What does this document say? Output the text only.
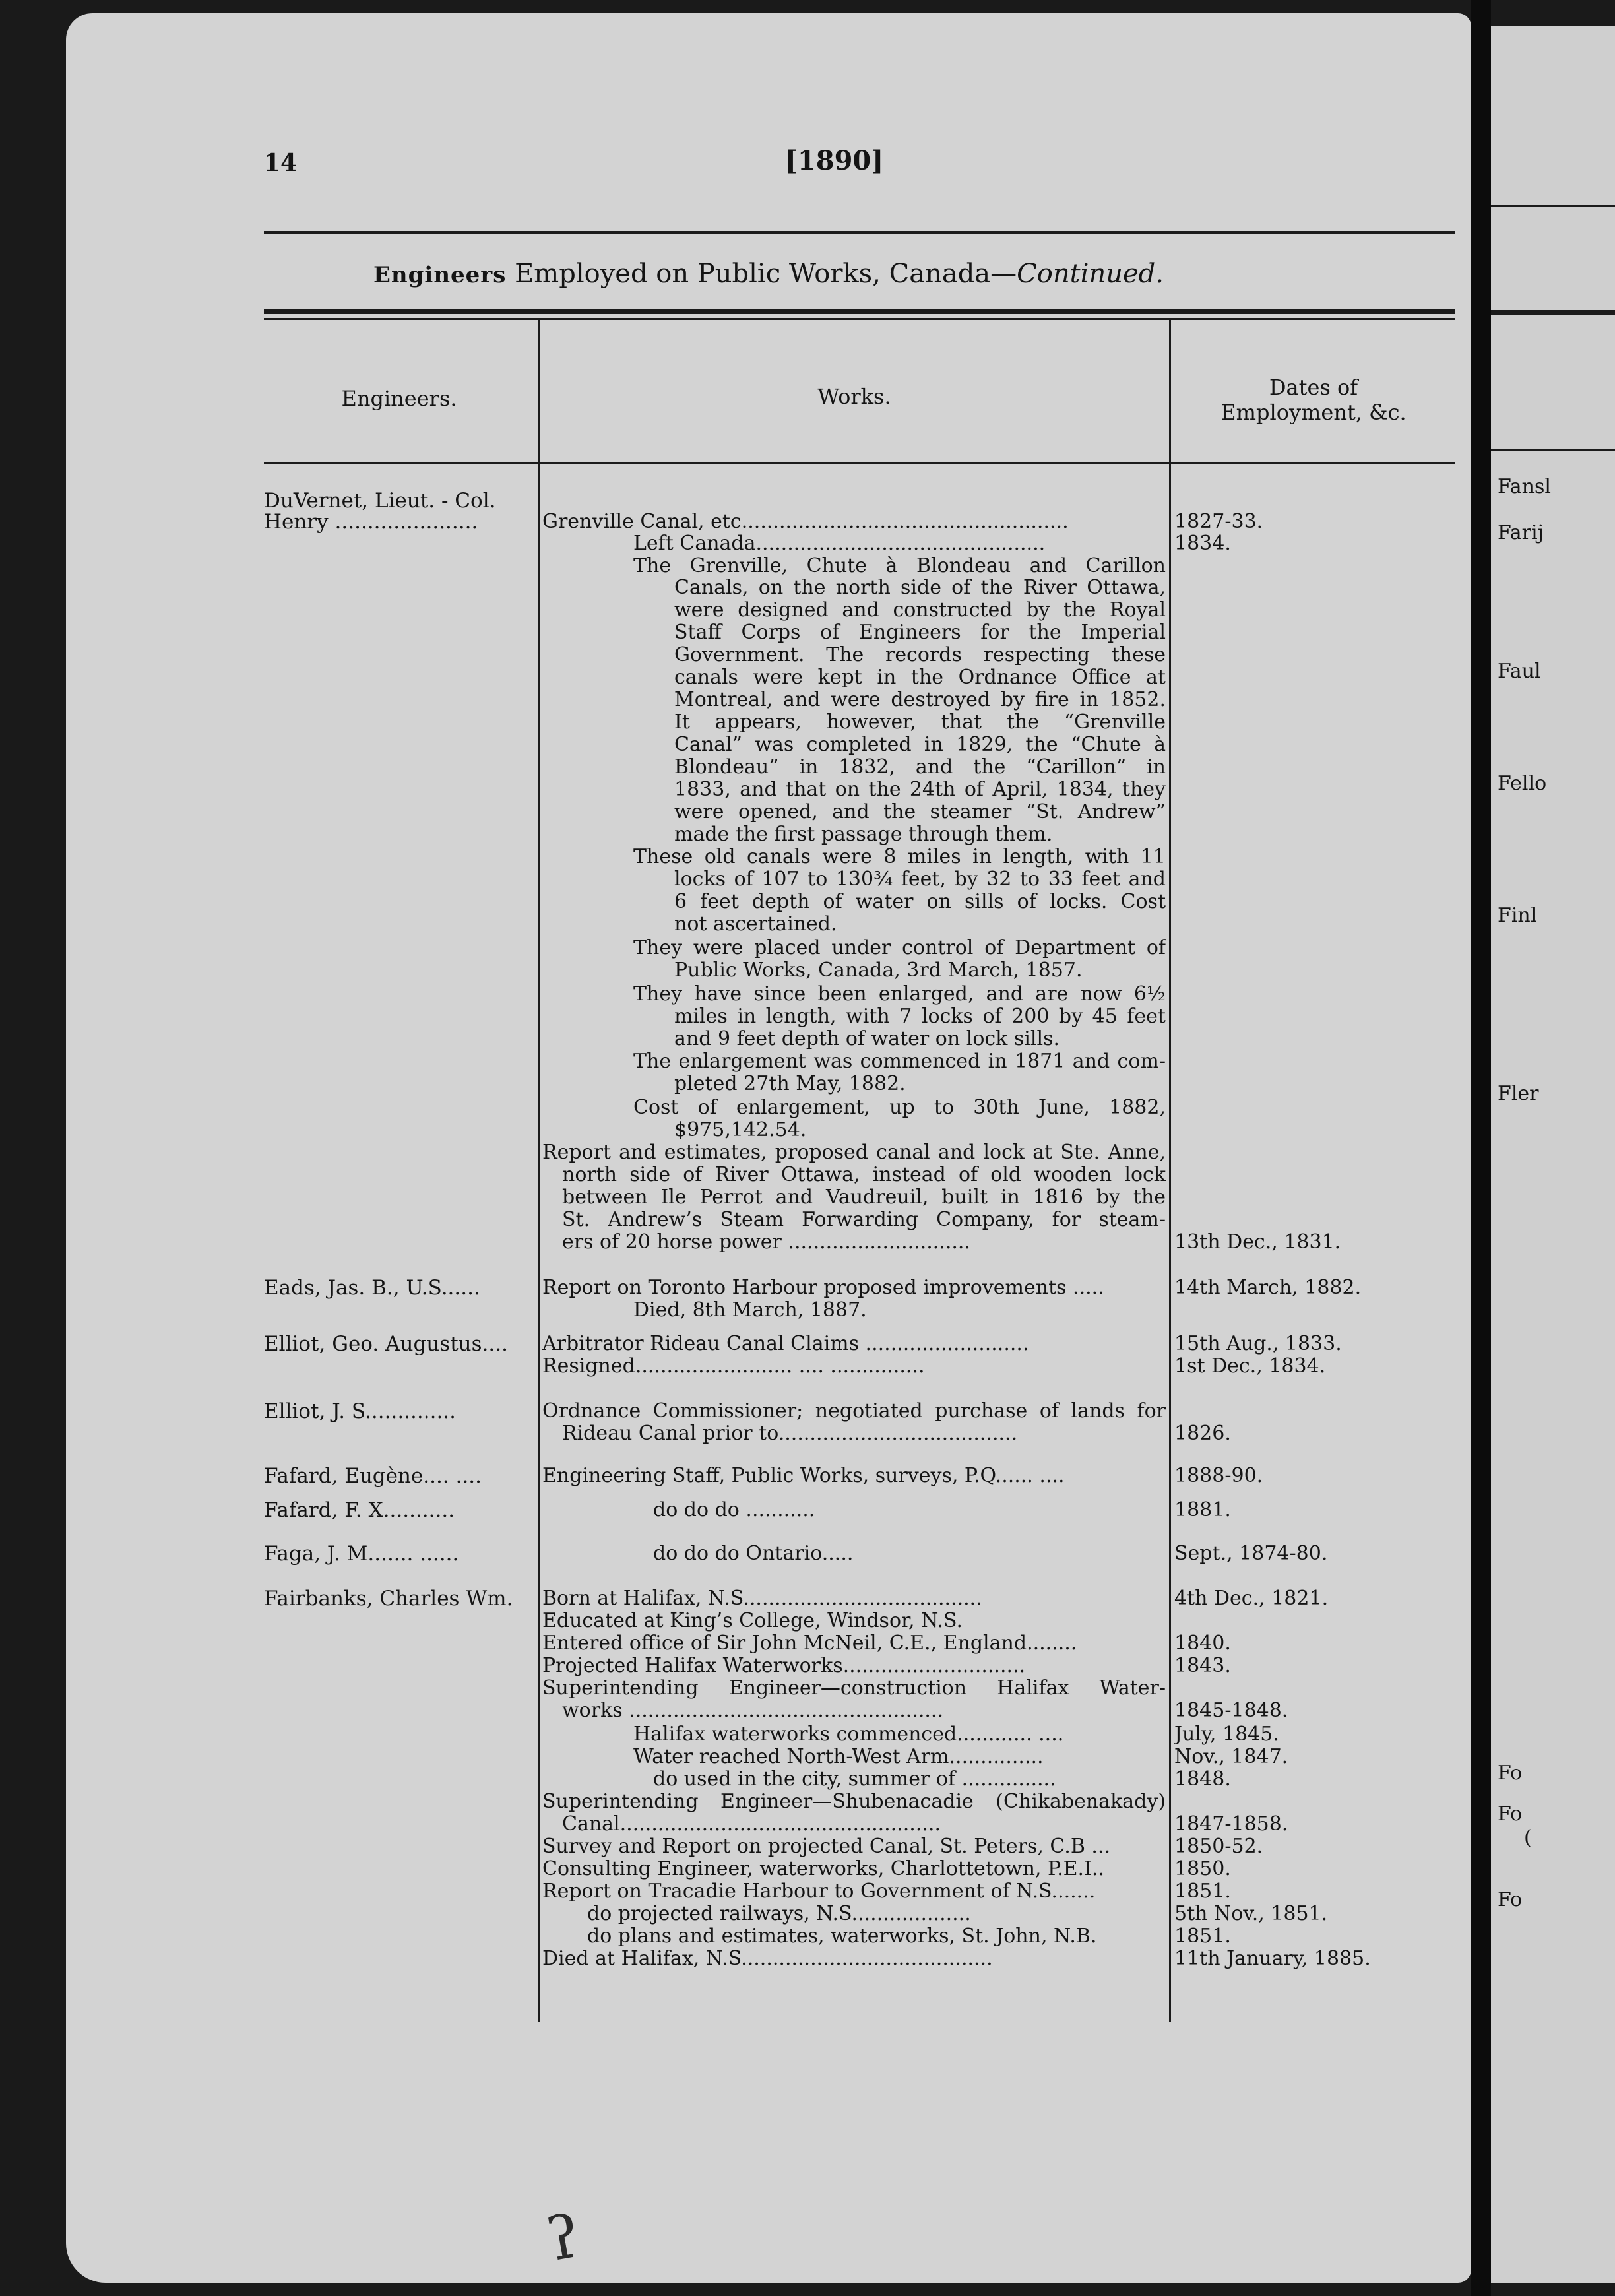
14	[1890]
Engineers Employed on Public Works, Canada—Continued.
Engineers.	Works.	Dates of
Employment, &c.
DuVernet, Lieut. - Col.
Henry ......................	Grenville Canal, etc....................................................	1827-33.
Left Canada..............................................	1834.
The Grenville, Chute à Blondeau and Carillon
Canals, on the north side of the River Ottawa,
were designed and constructed by the Royal
Staff Corps of Engineers for the Imperial
Government. The records respecting these
canals were kept in the Ordnance Office at
Montreal, and were destroyed by fire in 1852.
It appears, however, that the “Grenville
Canal” was completed in 1829, the “Chute à
Blondeau” in 1832, and the “Carillon” in
1833, and that on the 24th of April, 1834, they
were opened, and the steamer “St. Andrew”
made the first passage through them.
These old canals were 8 miles in length, with 11
locks of 107 to 130¾ feet, by 32 to 33 feet and
6 feet depth of water on sills of locks. Cost
not ascertained.
They were placed under control of Department of
Public Works, Canada, 3rd March, 1857.
They have since been enlarged, and are now 6½
miles in length, with 7 locks of 200 by 45 feet
and 9 feet depth of water on lock sills.
The enlargement was commenced in 1871 and com-
pleted 27th May, 1882.
Cost of enlargement, up to 30th June, 1882,
$975,142.54.
Report and estimates, proposed canal and lock at Ste. Anne,
north side of River Ottawa, instead of old wooden lock
between Ile Perrot and Vaudreuil, built in 1816 by the
St. Andrew’s Steam Forwarding Company, for steam-
ers of 20 horse power .............................	13th Dec., 1831.
Eads, Jas. B., U.S......	Report on Toronto Harbour proposed improvements .....	14th March, 1882.
Died, 8th March, 1887.
Elliot, Geo. Augustus....	Arbitrator Rideau Canal Claims ..........................	15th Aug., 1833.
Resigned......................... .... ...............	1st Dec., 1834.
Elliot, J. S..............	Ordnance Commissioner; negotiated purchase of lands for
Rideau Canal prior to......................................	1826.
Fafard, Eugène.... ....	Engineering Staff, Public Works, surveys, P.Q...... ....	1888-90.
Fafard, F. X...........	do do do ...........	1881.
Faga, J. M....... ......	do do do Ontario.....	Sept., 1874-80.
Fairbanks, Charles Wm.	Born at Halifax, N.S......................................	4th Dec., 1821.
Educated at King’s College, Windsor, N.S.
Entered office of Sir John McNeil, C.E., England........	1840.
Projected Halifax Waterworks.............................	1843.
Superintending Engineer—construction Halifax Water-
works ..................................................	1845-1848.
Halifax waterworks commenced............ ....	July, 1845.
Water reached North-West Arm...............	Nov., 1847.
do used in the city, summer of ...............	1848.
Superintending Engineer—Shubenacadie (Chikabenakady)
Canal...................................................	1847-1858.
Survey and Report on projected Canal, St. Peters, C.B ...	1850-52.
Consulting Engineer, waterworks, Charlottetown, P.E.I..	1850.
Report on Tracadie Harbour to Government of N.S.......	1851.
do projected railways, N.S...................	5th Nov., 1851.
do plans and estimates, waterworks, St. John, N.B.	1851.
Died at Halifax, N.S........................................	11th January, 1885.
ʔ
Fansl
Farij
Faul
Fello
Finl
Fler
Fo
Fo
(
Fo
